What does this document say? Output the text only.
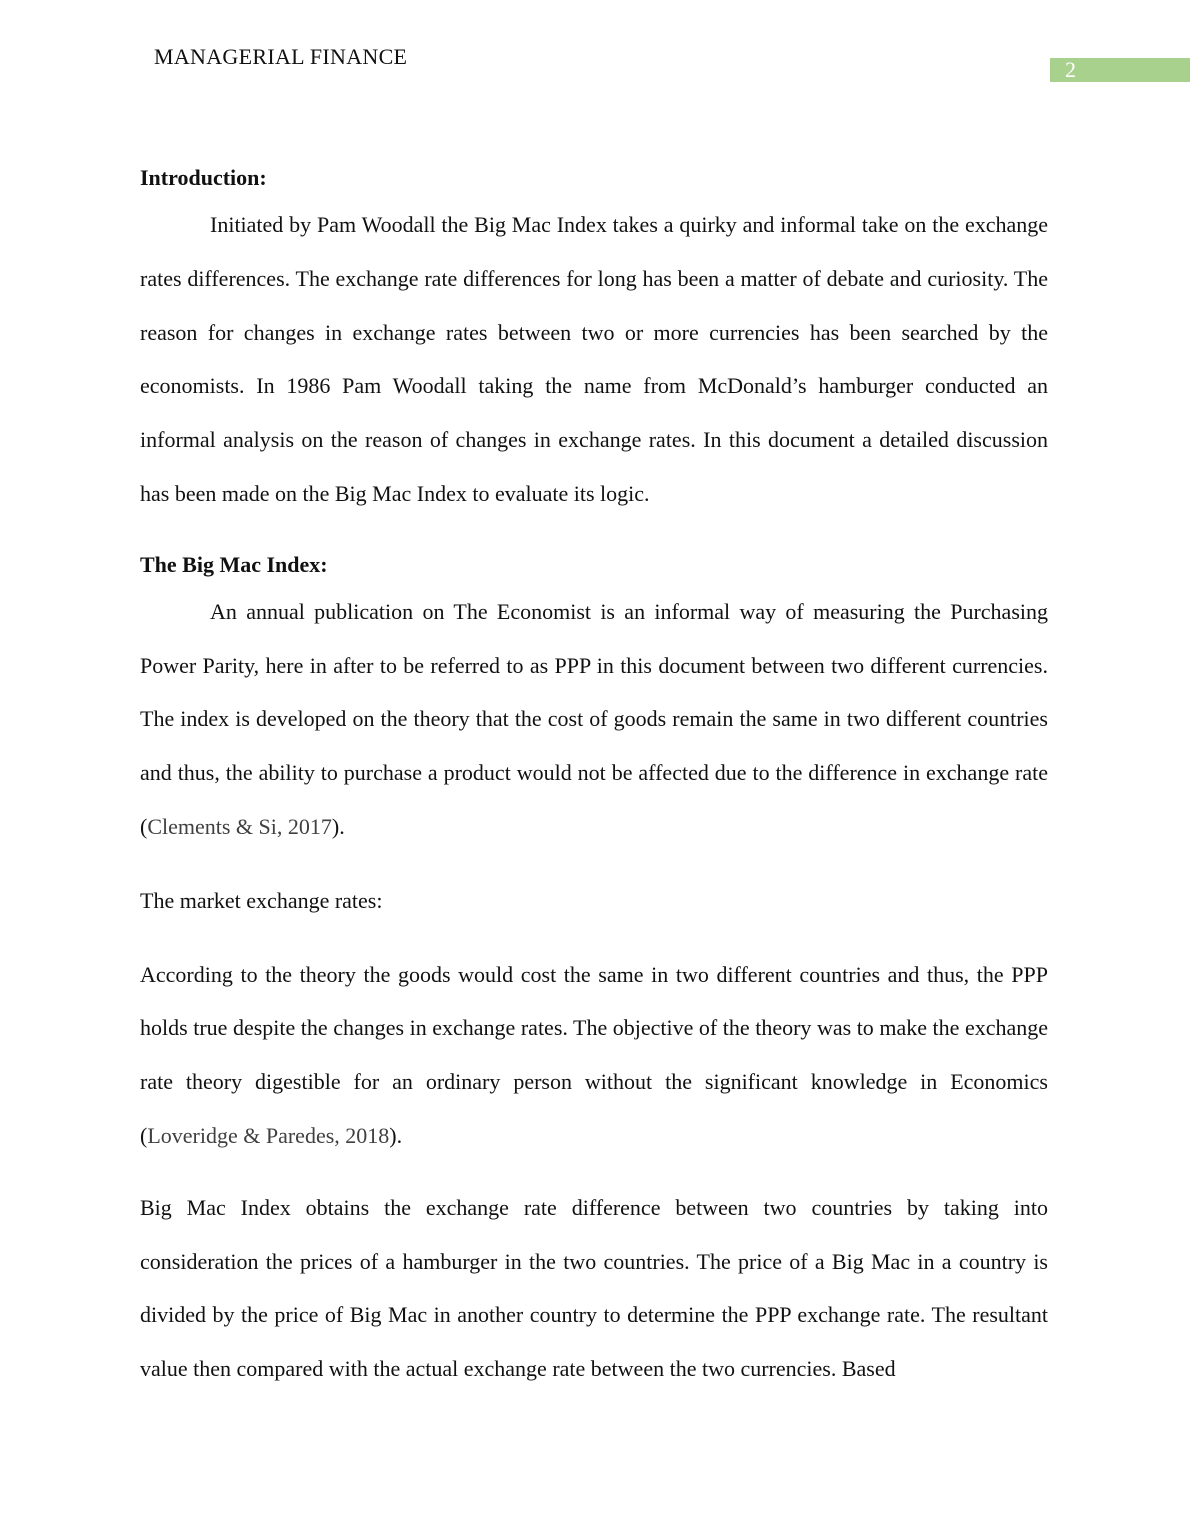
MANAGERIAL FINANCE
2
Introduction:

Initiated by Pam Woodall the Big Mac Index takes a quirky and informal take on the exchange rates differences. The exchange rate differences for long has been a matter of debate and curiosity. The reason for changes in exchange rates between two or more currencies has been searched by the economists. In 1986 Pam Woodall taking the name from McDonald’s hamburger conducted an informal analysis on the reason of changes in exchange rates. In this document a detailed discussion has been made on the Big Mac Index to evaluate its logic.

The Big Mac Index:

An annual publication on The Economist is an informal way of measuring the Purchasing Power Parity, here in after to be referred to as PPP in this document between two different currencies. The index is developed on the theory that the cost of goods remain the same in two different countries and thus, the ability to purchase a product would not be affected due to the difference in exchange rate (Clements & Si, 2017).

The market exchange rates:

According to the theory the goods would cost the same in two different countries and thus, the PPP holds true despite the changes in exchange rates. The objective of the theory was to make the exchange rate theory digestible for an ordinary person without the significant knowledge in Economics (Loveridge & Paredes, 2018).

Big Mac Index obtains the exchange rate difference between two countries by taking into consideration the prices of a hamburger in the two countries. The price of a Big Mac in a country is divided by the price of Big Mac in another country to determine the PPP exchange rate. The resultant value then compared with the actual exchange rate between the two currencies. Based
